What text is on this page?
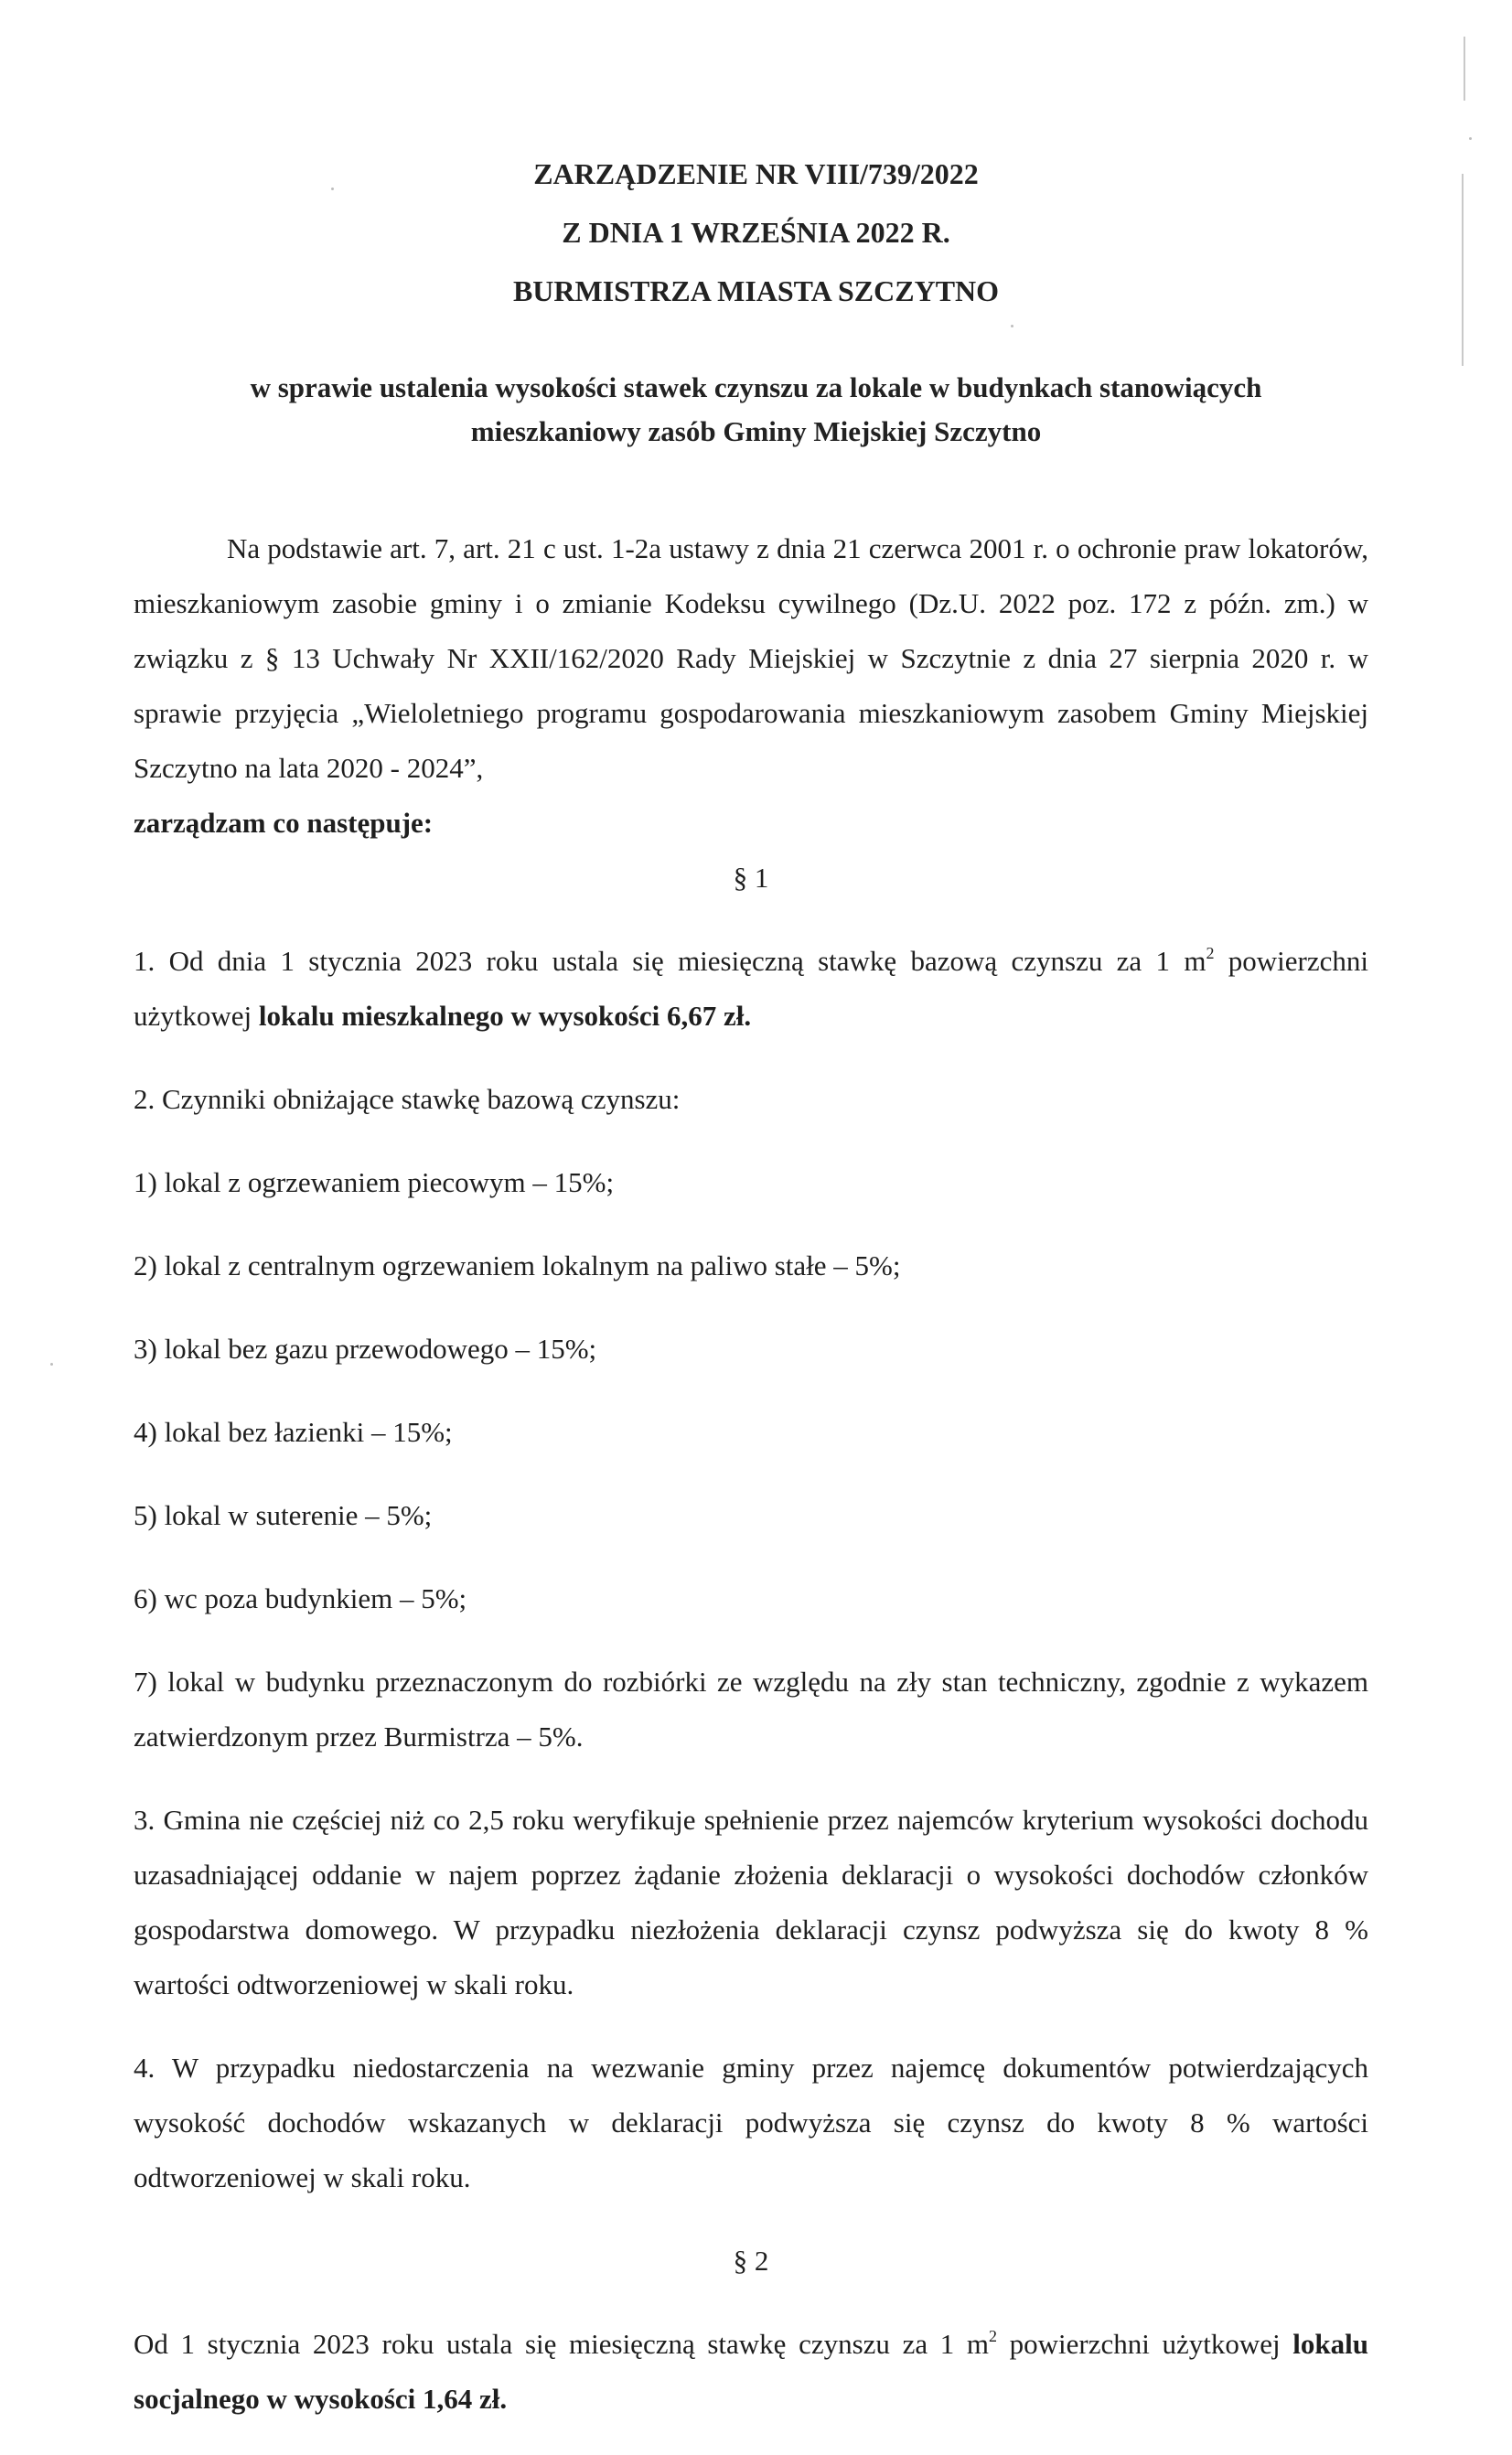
ZARZĄDZENIE NR VIII/739/2022
Z DNIA 1 WRZEŚNIA 2022 R.
BURMISTRZA MIASTA SZCZYTNO
w sprawie ustalenia wysokości stawek czynszu za lokale w budynkach stanowiących
mieszkaniowy zasób Gminy Miejskiej Szczytno

Na podstawie art. 7, art. 21 c ust. 1-2a ustawy z dnia 21 czerwca 2001 r. o ochronie praw lokatorów, mieszkaniowym zasobie gminy i o zmianie Kodeksu cywilnego (Dz.U. 2022 poz. 172 z późn. zm.) w związku z § 13 Uchwały Nr XXII/162/2020 Rady Miejskiej w Szczytnie z dnia 27 sierpnia 2020 r. w sprawie przyjęcia „Wieloletniego programu gospodarowania mieszkaniowym zasobem Gminy Miejskiej Szczytno na lata 2020 - 2024”,

zarządzam co następuje:

§ 1

1. Od dnia 1 stycznia 2023 roku ustala się miesięczną stawkę bazową czynszu za 1 $m^2$ powierzchni użytkowej lokalu mieszkalnego w wysokości 6,67 zł.

2. Czynniki obniżające stawkę bazową czynszu:

1) lokal z ogrzewaniem piecowym – 15%;

2) lokal z centralnym ogrzewaniem lokalnym na paliwo stałe – 5%;

3) lokal bez gazu przewodowego – 15%;

4) lokal bez łazienki – 15%;

5) lokal w suterenie – 5%;

6) wc poza budynkiem – 5%;

7) lokal w budynku przeznaczonym do rozbiórki ze względu na zły stan techniczny, zgodnie z wykazem zatwierdzonym przez Burmistrza – 5%.

3. Gmina nie częściej niż co 2,5 roku weryfikuje spełnienie przez najemców kryterium wysokości dochodu uzasadniającej oddanie w najem poprzez żądanie złożenia deklaracji o wysokości dochodów członków gospodarstwa domowego. W przypadku niezłożenia deklaracji czynsz podwyższa się do kwoty 8 % wartości odtworzeniowej w skali roku.

4. W przypadku niedostarczenia na wezwanie gminy przez najemcę dokumentów potwierdzających wysokość dochodów wskazanych w deklaracji podwyższa się czynsz do kwoty 8 % wartości odtworzeniowej w skali roku.

§ 2

Od 1 stycznia 2023 roku ustala się miesięczną stawkę czynszu za 1 $m^2$ powierzchni użytkowej lokalu socjalnego w wysokości 1,64 zł.
